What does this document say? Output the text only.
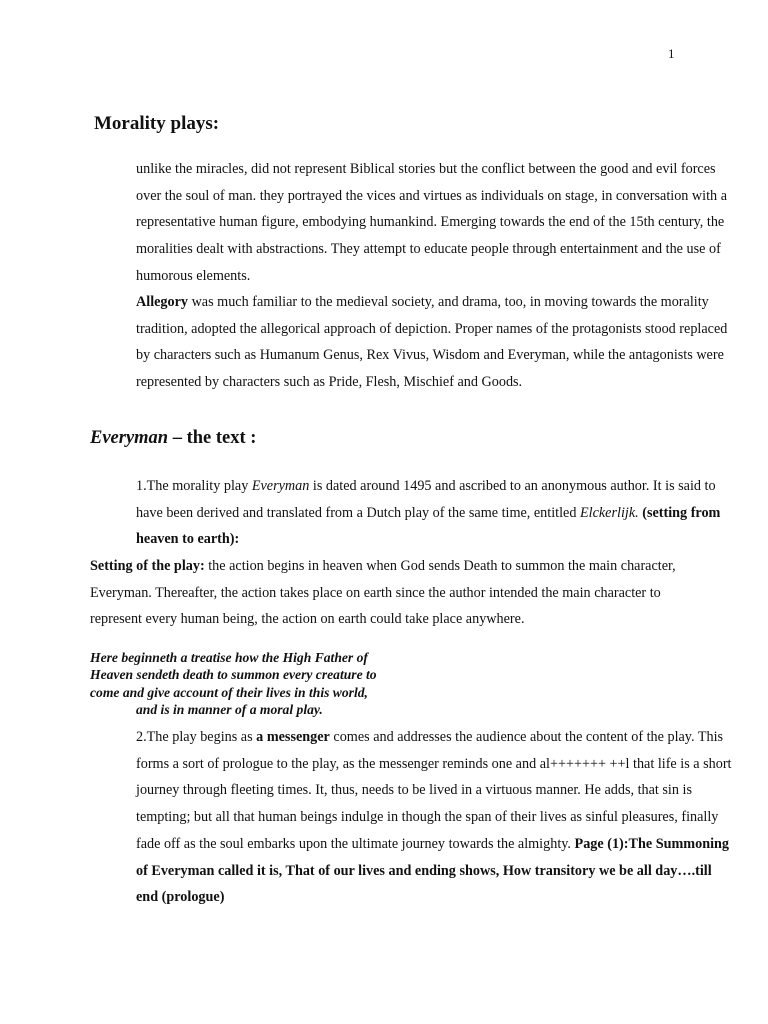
1
Morality plays:

unlike the miracles, did not represent Biblical stories but the conflict between the good and evil forces over the soul of man. they portrayed the vices and virtues as individuals on stage, in conversation with a representative human figure, embodying humankind. Emerging towards the end of the 15th century, the moralities dealt with abstractions. They attempt to educate people through entertainment and the use of humorous elements.

Allegory was much familiar to the medieval society, and drama, too, in moving towards the morality tradition, adopted the allegorical approach of depiction. Proper names of the protagonists stood replaced by characters such as Humanum Genus, Rex Vivus, Wisdom and Everyman, while the antagonists were represented by characters such as Pride, Flesh, Mischief and Goods.

Everyman – the text :

1.The morality play Everyman is dated around 1495 and ascribed to an anonymous author. It is said to have been derived and translated from a Dutch play of the same time, entitled Elckerlijk. (setting from heaven to earth):

Setting of the play: the action begins in heaven when God sends Death to summon the main character, Everyman. Thereafter, the action takes place on earth since the author intended the main character to represent every human being, the action on earth could take place anywhere.

Here beginneth a treatise how the High Father of
Heaven sendeth death to summon every creature to
come and give account of their lives in this world,
and is in manner of a moral play.

2.The play begins as a messenger comes and addresses the audience about the content of the play. This forms a sort of prologue to the play, as the messenger reminds one and al+++++++ ++l that life is a short journey through fleeting times. It, thus, needs to be lived in a virtuous manner. He adds, that sin is tempting; but all that human beings indulge in though the span of their lives as sinful pleasures, finally fade off as the soul embarks upon the ultimate journey towards the almighty. Page (1):The Summoning of Everyman called it is, That of our lives and ending shows, How transitory we be all day….till end (prologue)
